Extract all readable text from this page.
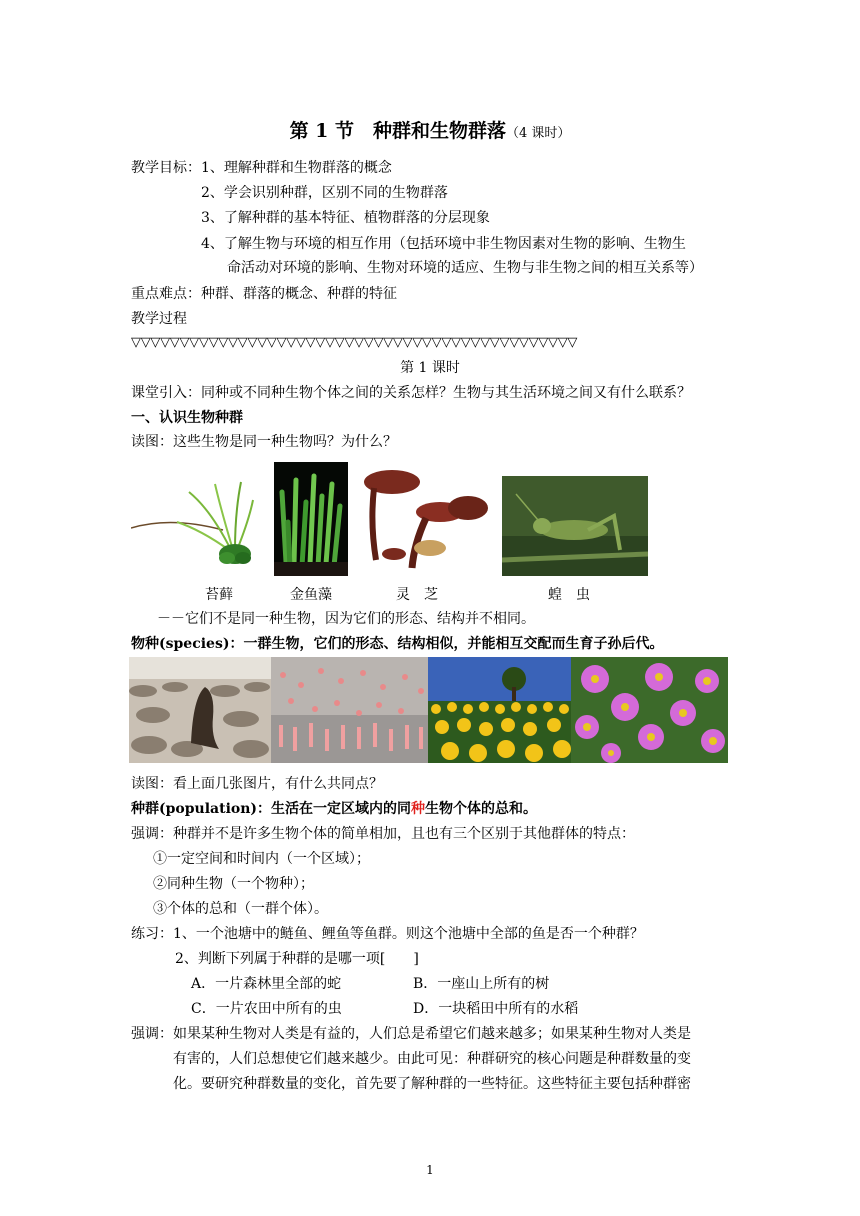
第 1 节　种群和生物群落（4 课时）
教学目标： 1、理解种群和生物群落的概念
2、学会识别种群，区别不同的生物群落
3、了解种群的基本特征、植物群落的分层现象
4、了解生物与环境的相互作用（包括环境中非生物因素对生物的影响、生物生
命活动对环境的影响、生物对环境的适应、生物与非生物之间的相互关系等）
重点难点：种群、群落的概念、种群的特征
教学过程
▽▽▽▽▽▽▽▽▽▽▽▽▽▽▽▽▽▽▽▽▽▽▽▽▽▽▽▽▽▽▽▽▽▽▽▽▽▽▽▽▽▽▽▽▽▽
第 1 课时
课堂引入：同种或不同种生物个体之间的关系怎样？生物与其生活环境之间又有什么联系？
一、认识生物种群
读图：这些生物是同一种生物吗？为什么？
苔藓	金鱼藻	灵　芝	蝗　虫
－－它们不是同一种生物，因为它们的形态、结构并不相同。
物种(species)：一群生物，它们的形态、结构相似，并能相互交配而生育子孙后代。
读图：看上面几张图片，有什么共同点？
种群(population)：生活在一定区域内的同种生物个体的总和。
强调：种群并不是许多生物个体的简单相加，且也有三个区别于其他群体的特点：
①一定空间和时间内（一个区域）；
②同种生物（一个物种）；
③个体的总和（一群个体）。
练习：1、一个池塘中的鲢鱼、鲤鱼等鱼群。则这个池塘中全部的鱼是否一个种群？
2、判断下列属于种群的是哪一项[　　]
A．一片森林里全部的蛇	B．一座山上所有的树
C．一片农田中所有的虫	D．一块稻田中所有的水稻
强调：如果某种生物对人类是有益的，人们总是希望它们越来越多；如果某种生物对人类是
有害的，人们总想使它们越来越少。由此可见：种群研究的核心问题是种群数量的变
化。要研究种群数量的变化，首先要了解种群的一些特征。这些特征主要包括种群密
1
